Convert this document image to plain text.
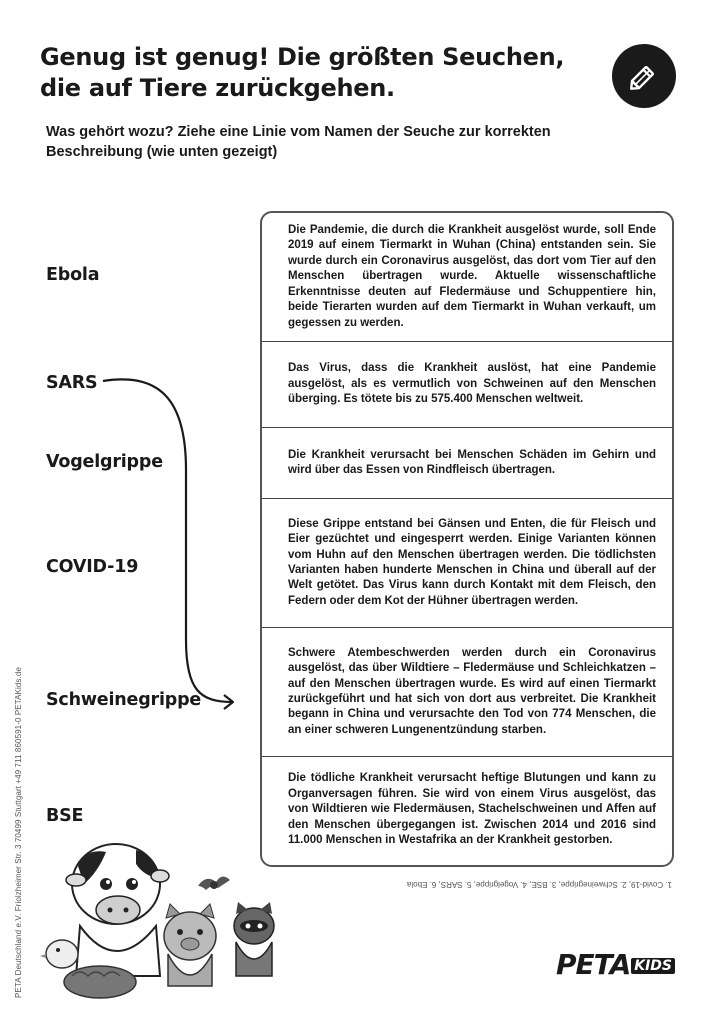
Genug ist genug! Die größten Seuchen,
die auf Tiere zurückgehen.
Was gehört wozu? Ziehe eine Linie vom Namen der Seuche zur korrekten
Beschreibung (wie unten gezeigt)
Ebola
SARS
Vogelgrippe
COVID-19
Schweinegrippe
BSE
Die Pandemie, die durch die Krankheit ausgelöst wurde, soll Ende 2019 auf einem Tiermarkt in Wuhan (China) entstanden sein. Sie wurde durch ein Coronavirus ausgelöst, das dort vom Tier auf den Menschen übertragen wurde. Aktuelle wissenschaftliche Erkenntnisse deuten auf Fledermäuse und Schuppentiere hin, beide Tierarten wurden auf dem Tiermarkt in Wuhan verkauft, um gegessen zu werden.
Das Virus, dass die Krankheit auslöst, hat eine Pandemie ausgelöst, als es vermutlich von Schweinen auf den Menschen überging. Es tötete bis zu 575.400 Menschen weltweit.
Die Krankheit verursacht bei Menschen Schäden im Gehirn und wird über das Essen von Rindfleisch übertragen.
Diese Grippe entstand bei Gänsen und Enten, die für Fleisch und Eier gezüchtet und eingesperrt werden. Einige Varianten können vom Huhn auf den Menschen übertragen werden. Die tödlichsten Varianten haben hunderte Menschen in China und überall auf der Welt getötet. Das Virus kann durch Kontakt mit dem Fleisch, den Federn oder dem Kot der Hühner übertragen werden.
Schwere Atembeschwerden werden durch ein Coronavirus ausgelöst, das über Wildtiere – Fledermäuse und Schleichkatzen – auf den Menschen übertragen wurde. Es wird auf einen Tiermarkt zurückgeführt und hat sich von dort aus verbreitet. Die Krankheit begann in China und verursachte den Tod von 774 Menschen, die an einer schweren Lungenentzündung starben.
Die tödliche Krankheit verursacht heftige Blutungen und kann zu Organversagen führen. Sie wird von einem Virus ausgelöst, das von Wildtieren wie Fledermäusen, Stachelschweinen und Affen auf den Menschen übergegangen ist. Zwischen 2014 und 2016 sind 11.000 Menschen in Westafrika an der Krankheit gestorben.
1. Covid-19, 2. Schweinegrippe, 3. BSE, 4. Vogelgrippe, 5. SARS, 6. Ebola
PETA Deutschland e.V. Friolzheimer Str. 3 70499 Stuttgart +49 711 860591-0 PETAKids.de	PETA KIDS
